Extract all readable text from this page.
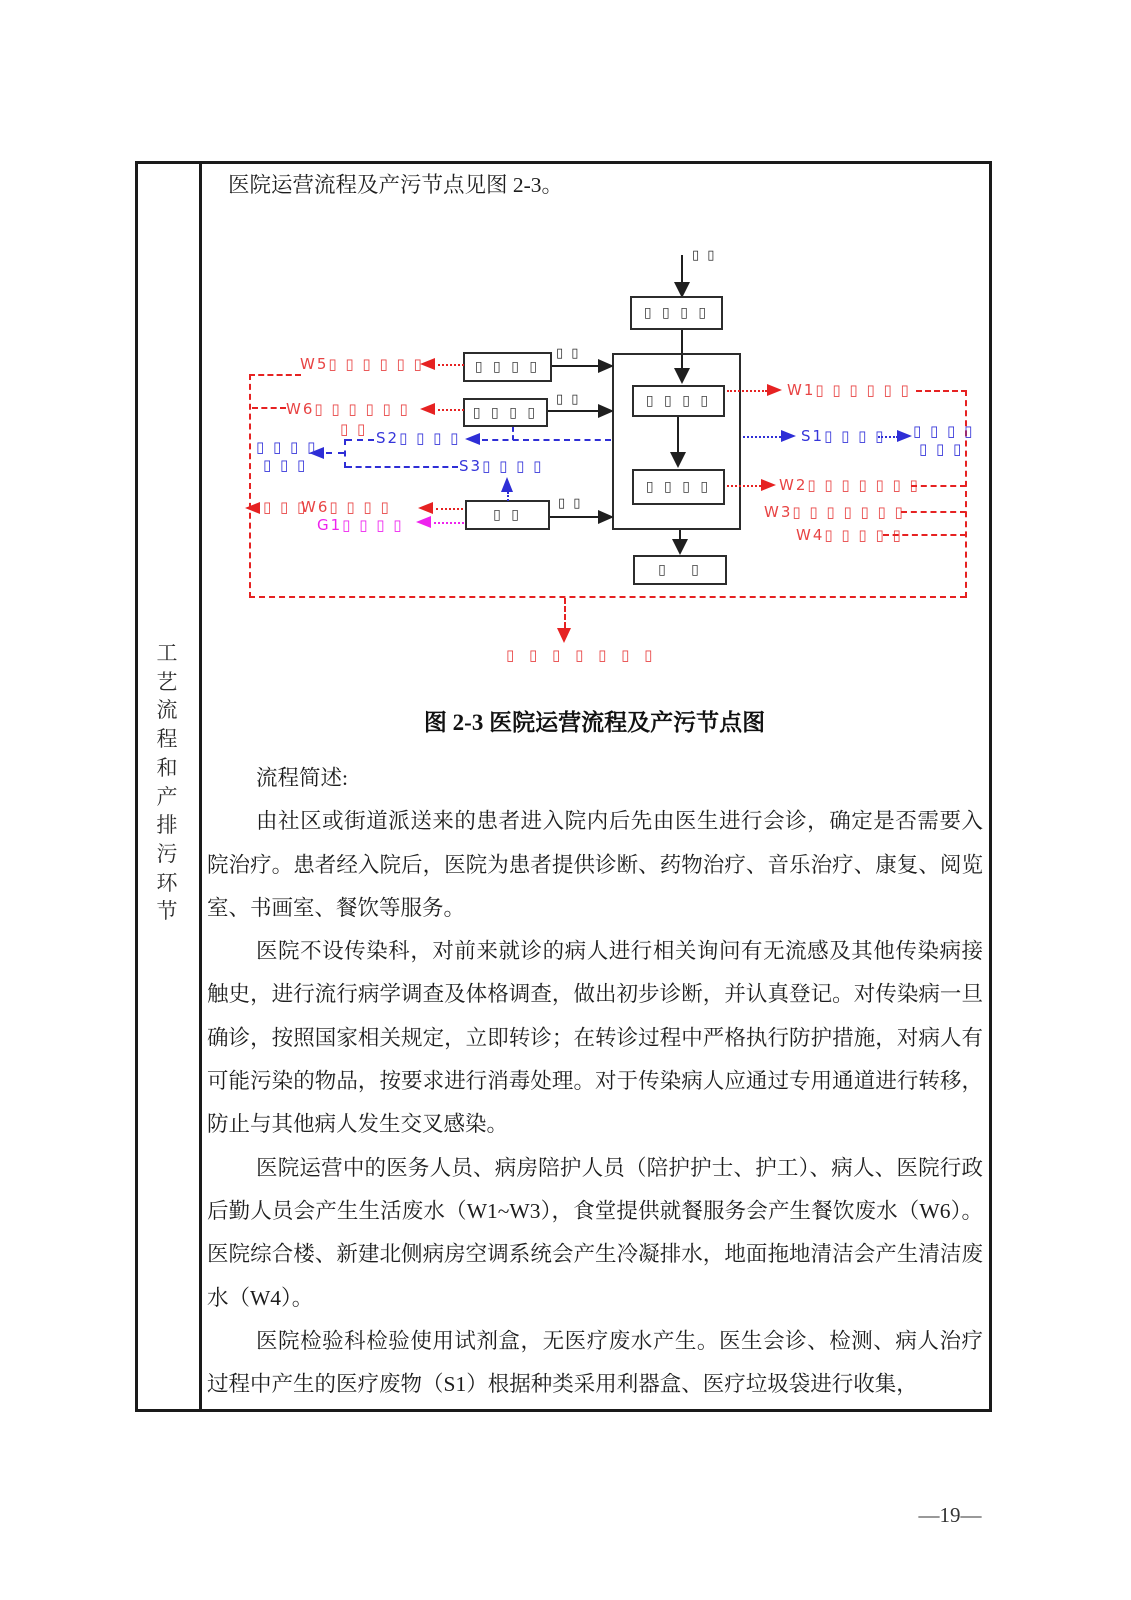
工艺流程和产排污环节
医院运营流程及产污节点见图 2-3。
▯ ▯
▯ ▯ ▯ ▯
▯ ▯ ▯ ▯
▯ ▯ ▯ ▯
▯   ▯
▯ ▯ ▯ ▯
▯ ▯
▯ ▯ ▯ ▯
▯ ▯
▯ ▯
▯ ▯
W5▯ ▯ ▯ ▯ ▯ ▯
W6▯ ▯ ▯ ▯ ▯ ▯
▯ ▯
W6▯ ▯ ▯ ▯
▯ ▯ ▯
G1▯ ▯ ▯ ▯
S2▯ ▯ ▯ ▯
S3▯ ▯ ▯ ▯
▯ ▯ ▯ ▯
▯ ▯ ▯
W1▯ ▯ ▯ ▯ ▯ ▯
S1▯ ▯ ▯ ▯ ▯ ▯ ▯ ▯
▯ ▯ ▯
W2▯ ▯ ▯ ▯ ▯ ▯ ▯
W3▯ ▯ ▯ ▯ ▯ ▯ ▯
W4▯ ▯ ▯ ▯ ▯
▯ ▯ ▯ ▯ ▯ ▯ ▯
图 2-3 医院运营流程及产污节点图

流程简述:

由社区或街道派送来的患者进入院内后先由医生进行会诊，确定是否需要入院治疗。患者经入院后，医院为患者提供诊断、药物治疗、音乐治疗、康复、阅览室、书画室、餐饮等服务。

医院不设传染科，对前来就诊的病人进行相关询问有无流感及其他传染病接触史，进行流行病学调查及体格调查，做出初步诊断，并认真登记。对传染病一旦确诊，按照国家相关规定，立即转诊；在转诊过程中严格执行防护措施，对病人有可能污染的物品，按要求进行消毒处理。对于传染病人应通过专用通道进行转移，防止与其他病人发生交叉感染。

医院运营中的医务人员、病房陪护人员（陪护护士、护工）、病人、医院行政后勤人员会产生生活废水（W1~W3），食堂提供就餐服务会产生餐饮废水（W6）。医院综合楼、新建北侧病房空调系统会产生冷凝排水，地面拖地清洁会产生清洁废水（W4）。

医院检验科检验使用试剂盒，无医疗废水产生。医生会诊、检测、病人治疗过程中产生的医疗废物（S1）根据种类采用利器盒、医疗垃圾袋进行收集，

—19—
